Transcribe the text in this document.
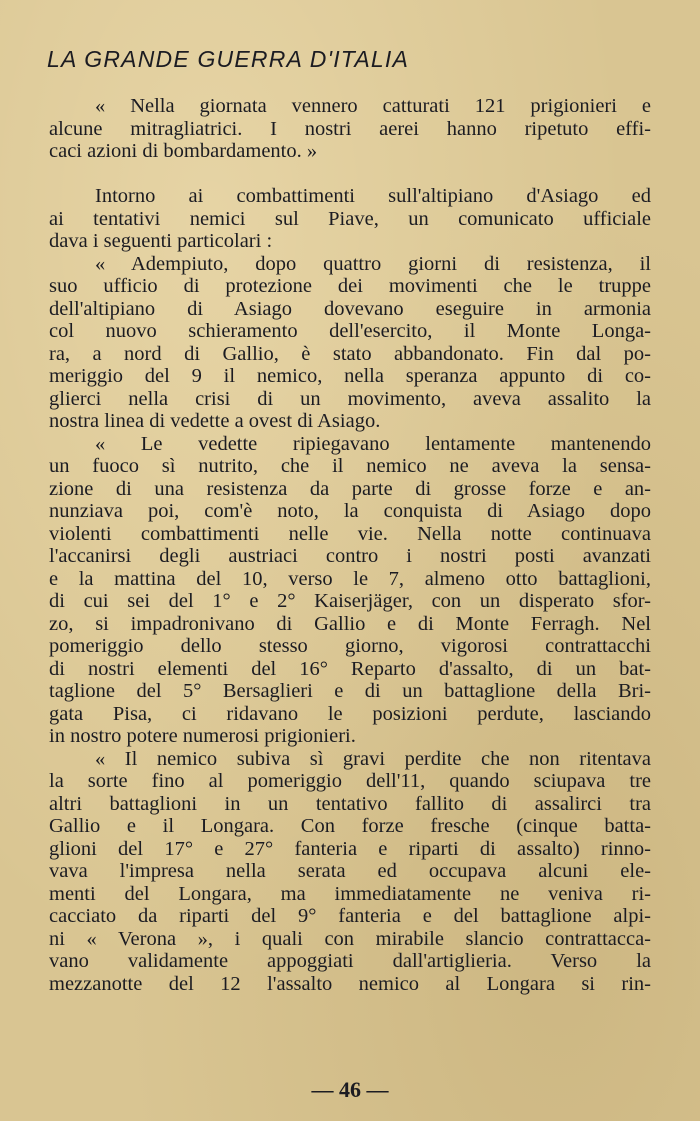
LA GRANDE GUERRA D'ITALIA
« Nella giornata vennero catturati 121 prigionieri e
alcune mitragliatrici. I nostri aerei hanno ripetuto effi-
caci azioni di bombardamento. »
Intorno ai combattimenti sull'altipiano d'Asiago ed
ai tentativi nemici sul Piave, un comunicato ufficiale
dava i seguenti particolari :
« Adempiuto, dopo quattro giorni di resistenza, il
suo ufficio di protezione dei movimenti che le truppe
dell'altipiano di Asiago dovevano eseguire in armonia
col nuovo schieramento dell'esercito, il Monte Longa-
ra, a nord di Gallio, è stato abbandonato. Fin dal po-
meriggio del 9 il nemico, nella speranza appunto di co-
glierci nella crisi di un movimento, aveva assalito la
nostra linea di vedette a ovest di Asiago.
« Le vedette ripiegavano lentamente mantenendo
un fuoco sì nutrito, che il nemico ne aveva la sensa-
zione di una resistenza da parte di grosse forze e an-
nunziava poi, com'è noto, la conquista di Asiago dopo
violenti combattimenti nelle vie. Nella notte continuava
l'accanirsi degli austriaci contro i nostri posti avanzati
e la mattina del 10, verso le 7, almeno otto battaglioni,
di cui sei del 1° e 2° Kaiserjäger, con un disperato sfor-
zo, si impadronivano di Gallio e di Monte Ferragh. Nel
pomeriggio dello stesso giorno, vigorosi contrattacchi
di nostri elementi del 16° Reparto d'assalto, di un bat-
taglione del 5° Bersaglieri e di un battaglione della Bri-
gata Pisa, ci ridavano le posizioni perdute, lasciando
in nostro potere numerosi prigionieri.
« Il nemico subiva sì gravi perdite che non ritentava
la sorte fino al pomeriggio dell'11, quando sciupava tre
altri battaglioni in un tentativo fallito di assalirci tra
Gallio e il Longara. Con forze fresche (cinque batta-
glioni del 17° e 27° fanteria e riparti di assalto) rinno-
vava l'impresa nella serata ed occupava alcuni ele-
menti del Longara, ma immediatamente ne veniva ri-
cacciato da riparti del 9° fanteria e del battaglione alpi-
ni « Verona », i quali con mirabile slancio contrattacca-
vano validamente appoggiati dall'artiglieria. Verso la
mezzanotte del 12 l'assalto nemico al Longara si rin-
— 46 —
